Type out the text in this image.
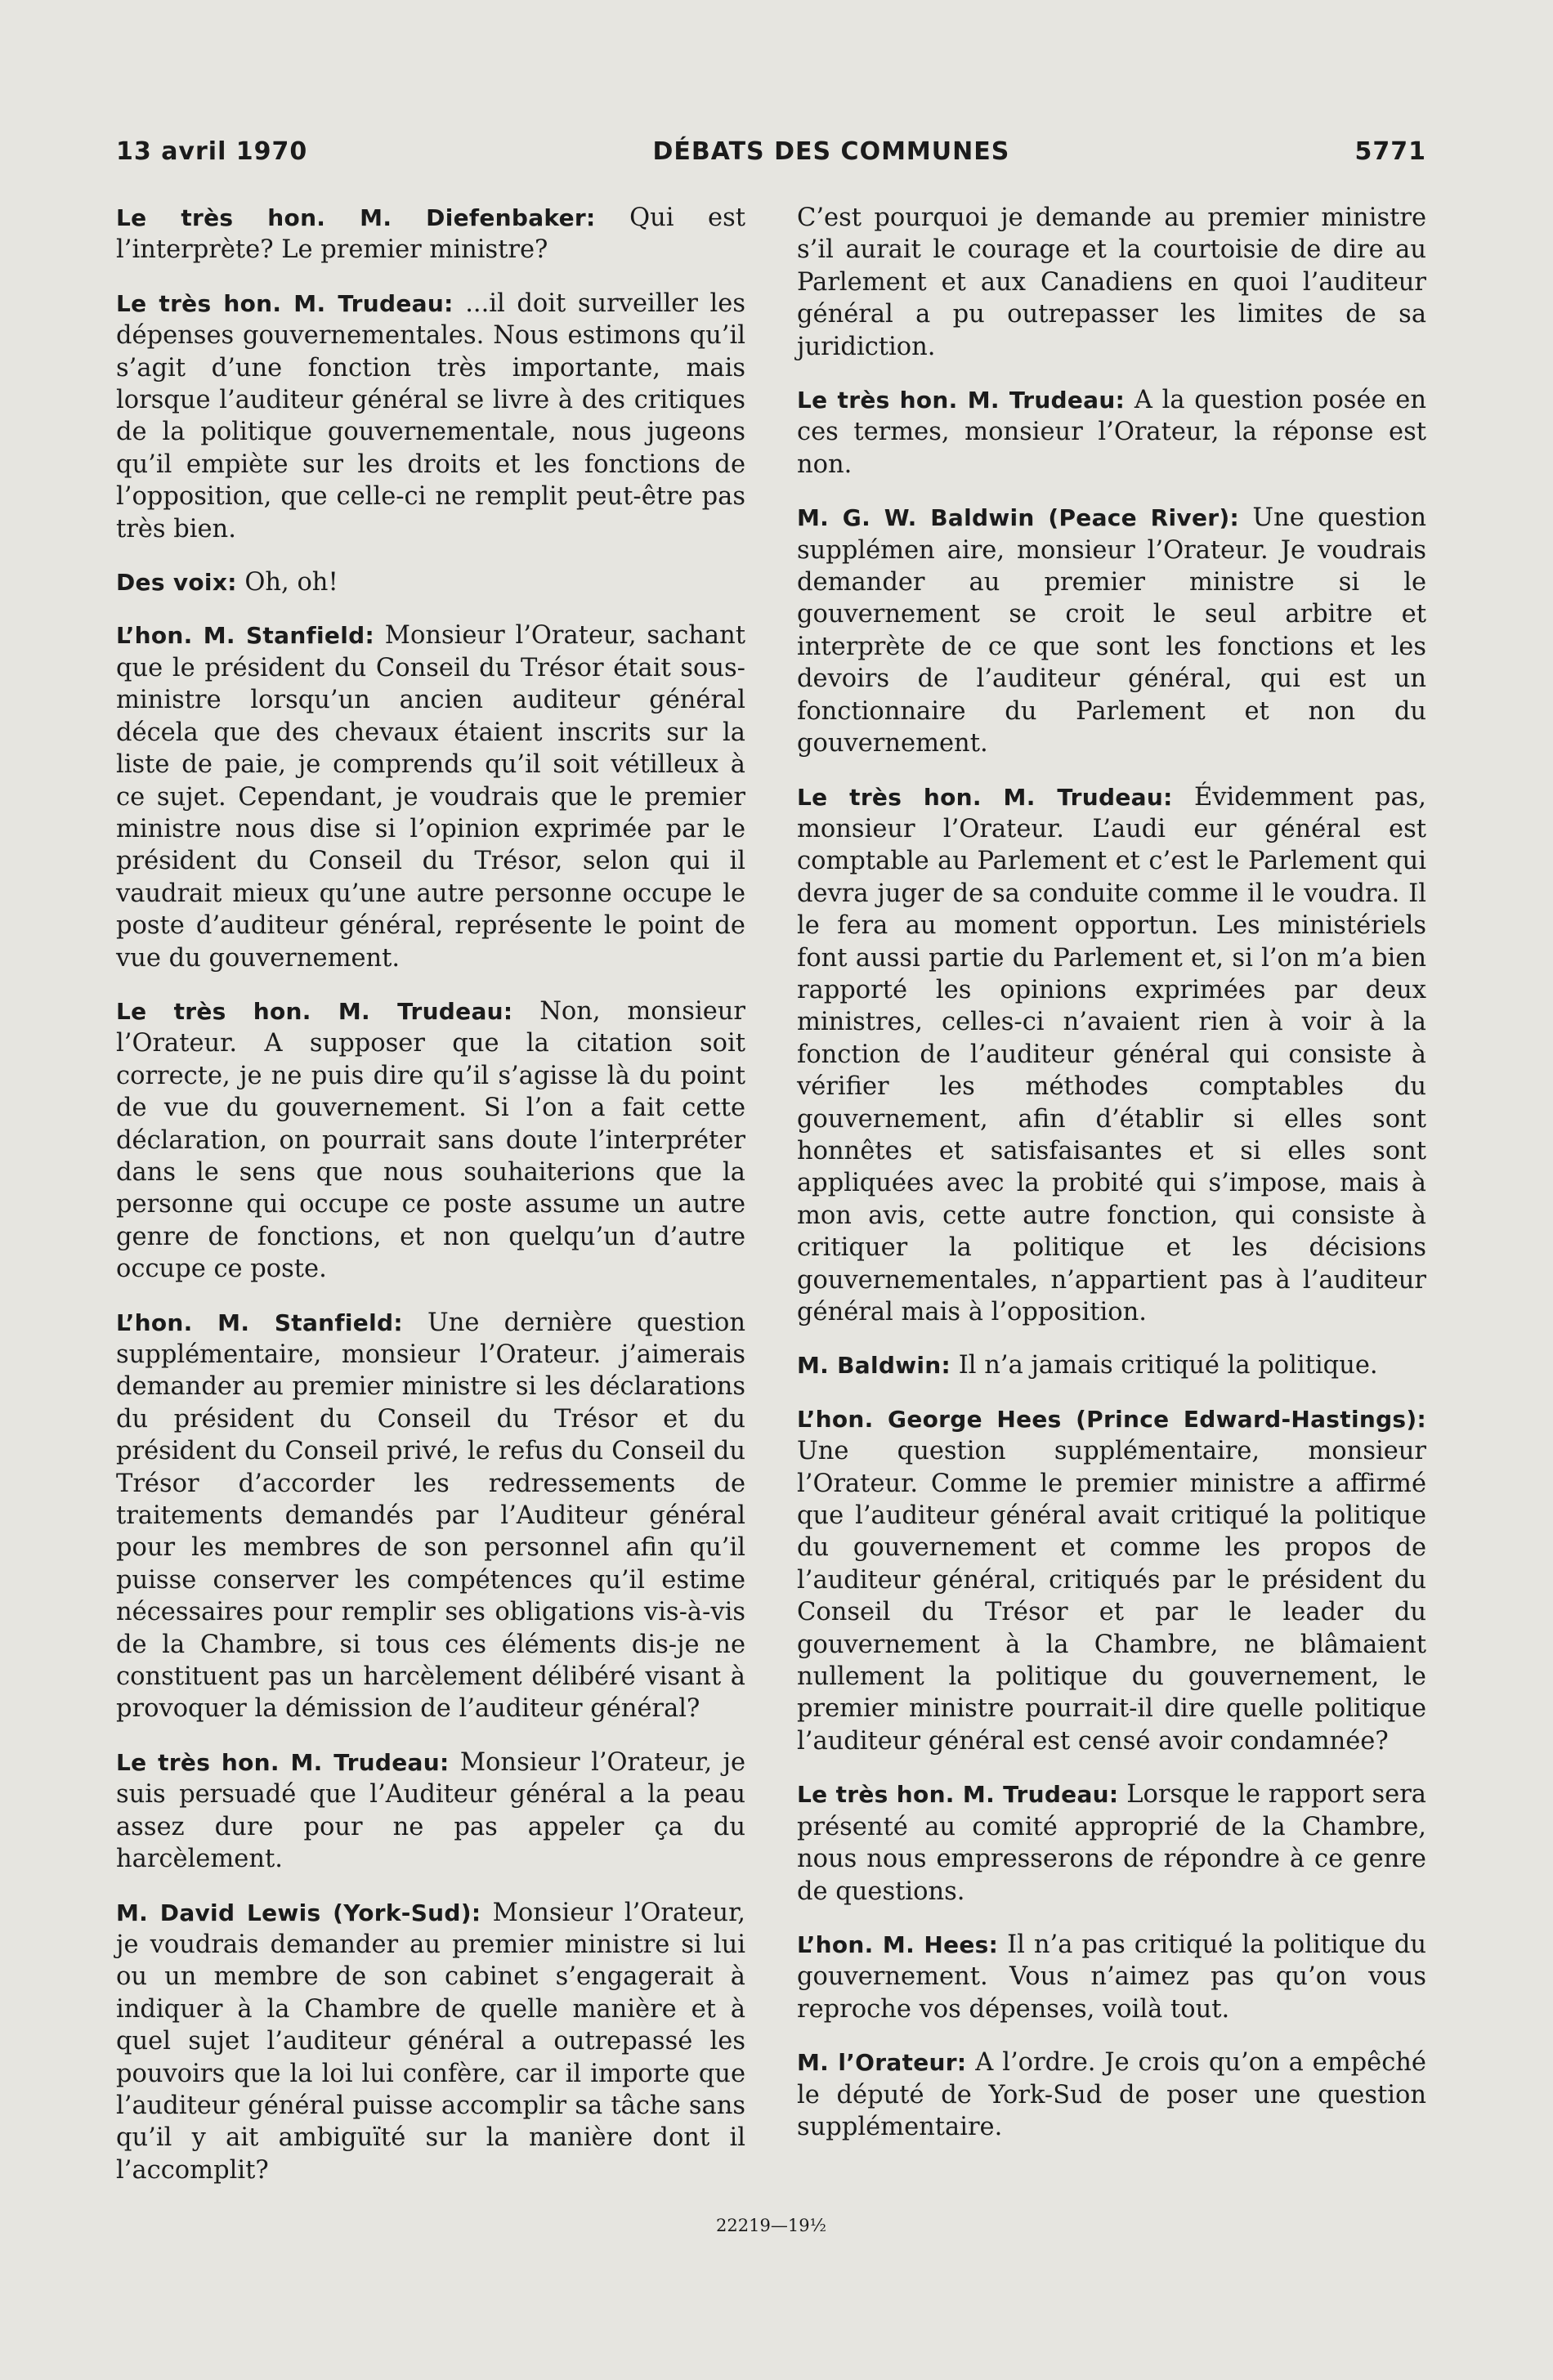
13 avril 1970	DÉBATS DES COMMUNES	5771

Le très hon. M. Diefenbaker: Qui est l’interprète? Le premier ministre?

Le très hon. M. Trudeau: ...il doit surveiller les dépenses gouvernementales. Nous estimons qu’il s’agit d’une fonction très importante, mais lorsque l’auditeur général se livre à des critiques de la politique gouvernementale, nous jugeons qu’il empiète sur les droits et les fonctions de l’opposition, que celle-ci ne remplit peut-être pas très bien.

Des voix: Oh, oh!

L’hon. M. Stanfield: Monsieur l’Orateur, sachant que le président du Conseil du Trésor était sous-ministre lorsqu’un ancien auditeur général décela que des chevaux étaient inscrits sur la liste de paie, je comprends qu’il soit vétilleux à ce sujet. Cependant, je voudrais que le premier ministre nous dise si l’opinion exprimée par le président du Conseil du Trésor, selon qui il vaudrait mieux qu’une autre personne occupe le poste d’auditeur général, représente le point de vue du gouvernement.

Le très hon. M. Trudeau: Non, monsieur l’Orateur. A supposer que la citation soit correcte, je ne puis dire qu’il s’agisse là du point de vue du gouvernement. Si l’on a fait cette déclaration, on pourrait sans doute l’interpréter dans le sens que nous souhaiterions que la personne qui occupe ce poste assume un autre genre de fonctions, et non quelqu’un d’autre occupe ce poste.

L’hon. M. Stanfield: Une dernière question supplémentaire, monsieur l’Orateur. j’aimerais demander au premier ministre si les déclarations du président du Conseil du Trésor et du président du Conseil privé, le refus du Conseil du Trésor d’accorder les redressements de traitements demandés par l’Auditeur général pour les membres de son personnel afin qu’il puisse conserver les compétences qu’il estime nécessaires pour remplir ses obligations vis-à-vis de la Chambre, si tous ces éléments dis-je ne constituent pas un harcèlement délibéré visant à provoquer la démission de l’auditeur général?

Le très hon. M. Trudeau: Monsieur l’Orateur, je suis persuadé que l’Auditeur général a la peau assez dure pour ne pas appeler ça du harcèlement.

M. David Lewis (York-Sud): Monsieur l’Orateur, je voudrais demander au premier ministre si lui ou un membre de son cabinet s’engagerait à indiquer à la Chambre de quelle manière et à quel sujet l’auditeur général a outrepassé les pouvoirs que la loi lui confère, car il importe que l’auditeur général puisse accomplir sa tâche sans qu’il y ait ambiguïté sur la manière dont il l’accomplit?

C’est pourquoi je demande au premier ministre s’il aurait le courage et la courtoisie de dire au Parlement et aux Canadiens en quoi l’auditeur général a pu outrepasser les limites de sa juridiction.

Le très hon. M. Trudeau: A la question posée en ces termes, monsieur l’Orateur, la réponse est non.

M. G. W. Baldwin (Peace River): Une question supplémen aire, monsieur l’Orateur. Je voudrais demander au premier ministre si le gouvernement se croit le seul arbitre et interprète de ce que sont les fonctions et les devoirs de l’auditeur général, qui est un fonctionnaire du Parlement et non du gouvernement.

Le très hon. M. Trudeau: Évidemment pas, monsieur l’Orateur. L’audi eur général est comptable au Parlement et c’est le Parlement qui devra juger de sa conduite comme il le voudra. Il le fera au moment opportun. Les ministériels font aussi partie du Parlement et, si l’on m’a bien rapporté les opinions exprimées par deux ministres, celles-ci n’avaient rien à voir à la fonction de l’auditeur général qui consiste à vérifier les méthodes comptables du gouvernement, afin d’établir si elles sont honnêtes et satisfaisantes et si elles sont appliquées avec la probité qui s’impose, mais à mon avis, cette autre fonction, qui consiste à critiquer la politique et les décisions gouvernementales, n’appartient pas à l’auditeur général mais à l’opposition.

M. Baldwin: Il n’a jamais critiqué la politique.

L’hon. George Hees (Prince Edward-Hastings): Une question supplémentaire, monsieur l’Orateur. Comme le premier ministre a affirmé que l’auditeur général avait critiqué la politique du gouvernement et comme les propos de l’auditeur général, critiqués par le président du Conseil du Trésor et par le leader du gouvernement à la Chambre, ne blâmaient nullement la politique du gouvernement, le premier ministre pourrait-il dire quelle politique l’auditeur général est censé avoir condamnée?

Le très hon. M. Trudeau: Lorsque le rapport sera présenté au comité approprié de la Chambre, nous nous empresserons de répondre à ce genre de questions.

L’hon. M. Hees: Il n’a pas critiqué la politique du gouvernement. Vous n’aimez pas qu’on vous reproche vos dépenses, voilà tout.

M. l’Orateur: A l’ordre. Je crois qu’on a empêché le député de York-Sud de poser une question supplémentaire.

22219—19½
